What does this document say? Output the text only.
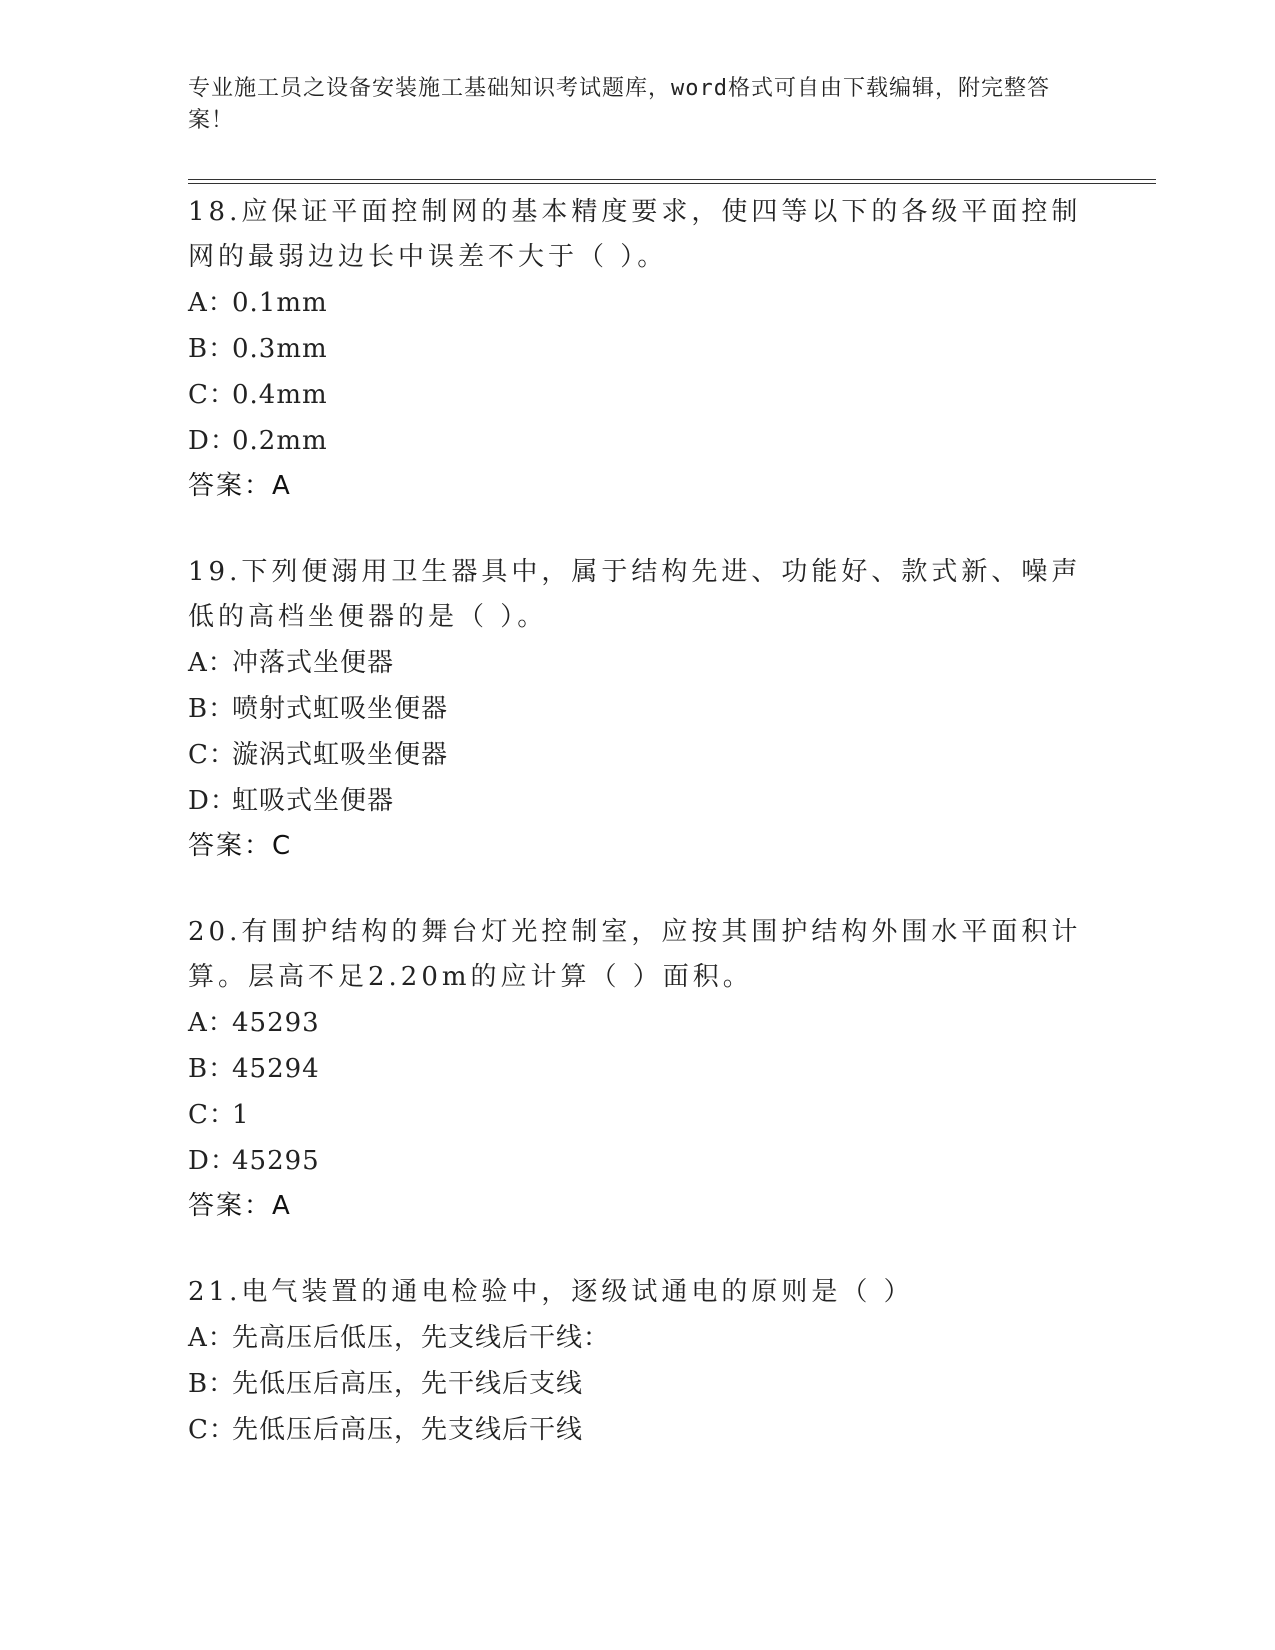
专业施工员之设备安装施工基础知识考试题库，word格式可自由下载编辑，附完整答案！

18.应保证平面控制网的基本精度要求，使四等以下的各级平面控制网的最弱边边长中误差不大于（ ）。

A：0.1mm
B：0.3mm
C：0.4mm
D：0.2mm
答案：A

19.下列便溺用卫生器具中，属于结构先进、功能好、款式新、噪声低的高档坐便器的是（ ）。

A：冲落式坐便器
B：喷射式虹吸坐便器
C：漩涡式虹吸坐便器
D：虹吸式坐便器
答案：C

20.有围护结构的舞台灯光控制室，应按其围护结构外围水平面积计算。层高不足2.20m的应计算（ ）面积。

A：45293
B：45294
C：1
D：45295
答案：A

21.电气装置的通电检验中，逐级试通电的原则是（ ）

A：先高压后低压，先支线后干线：
B：先低压后高压，先干线后支线
C：先低压后高压，先支线后干线
